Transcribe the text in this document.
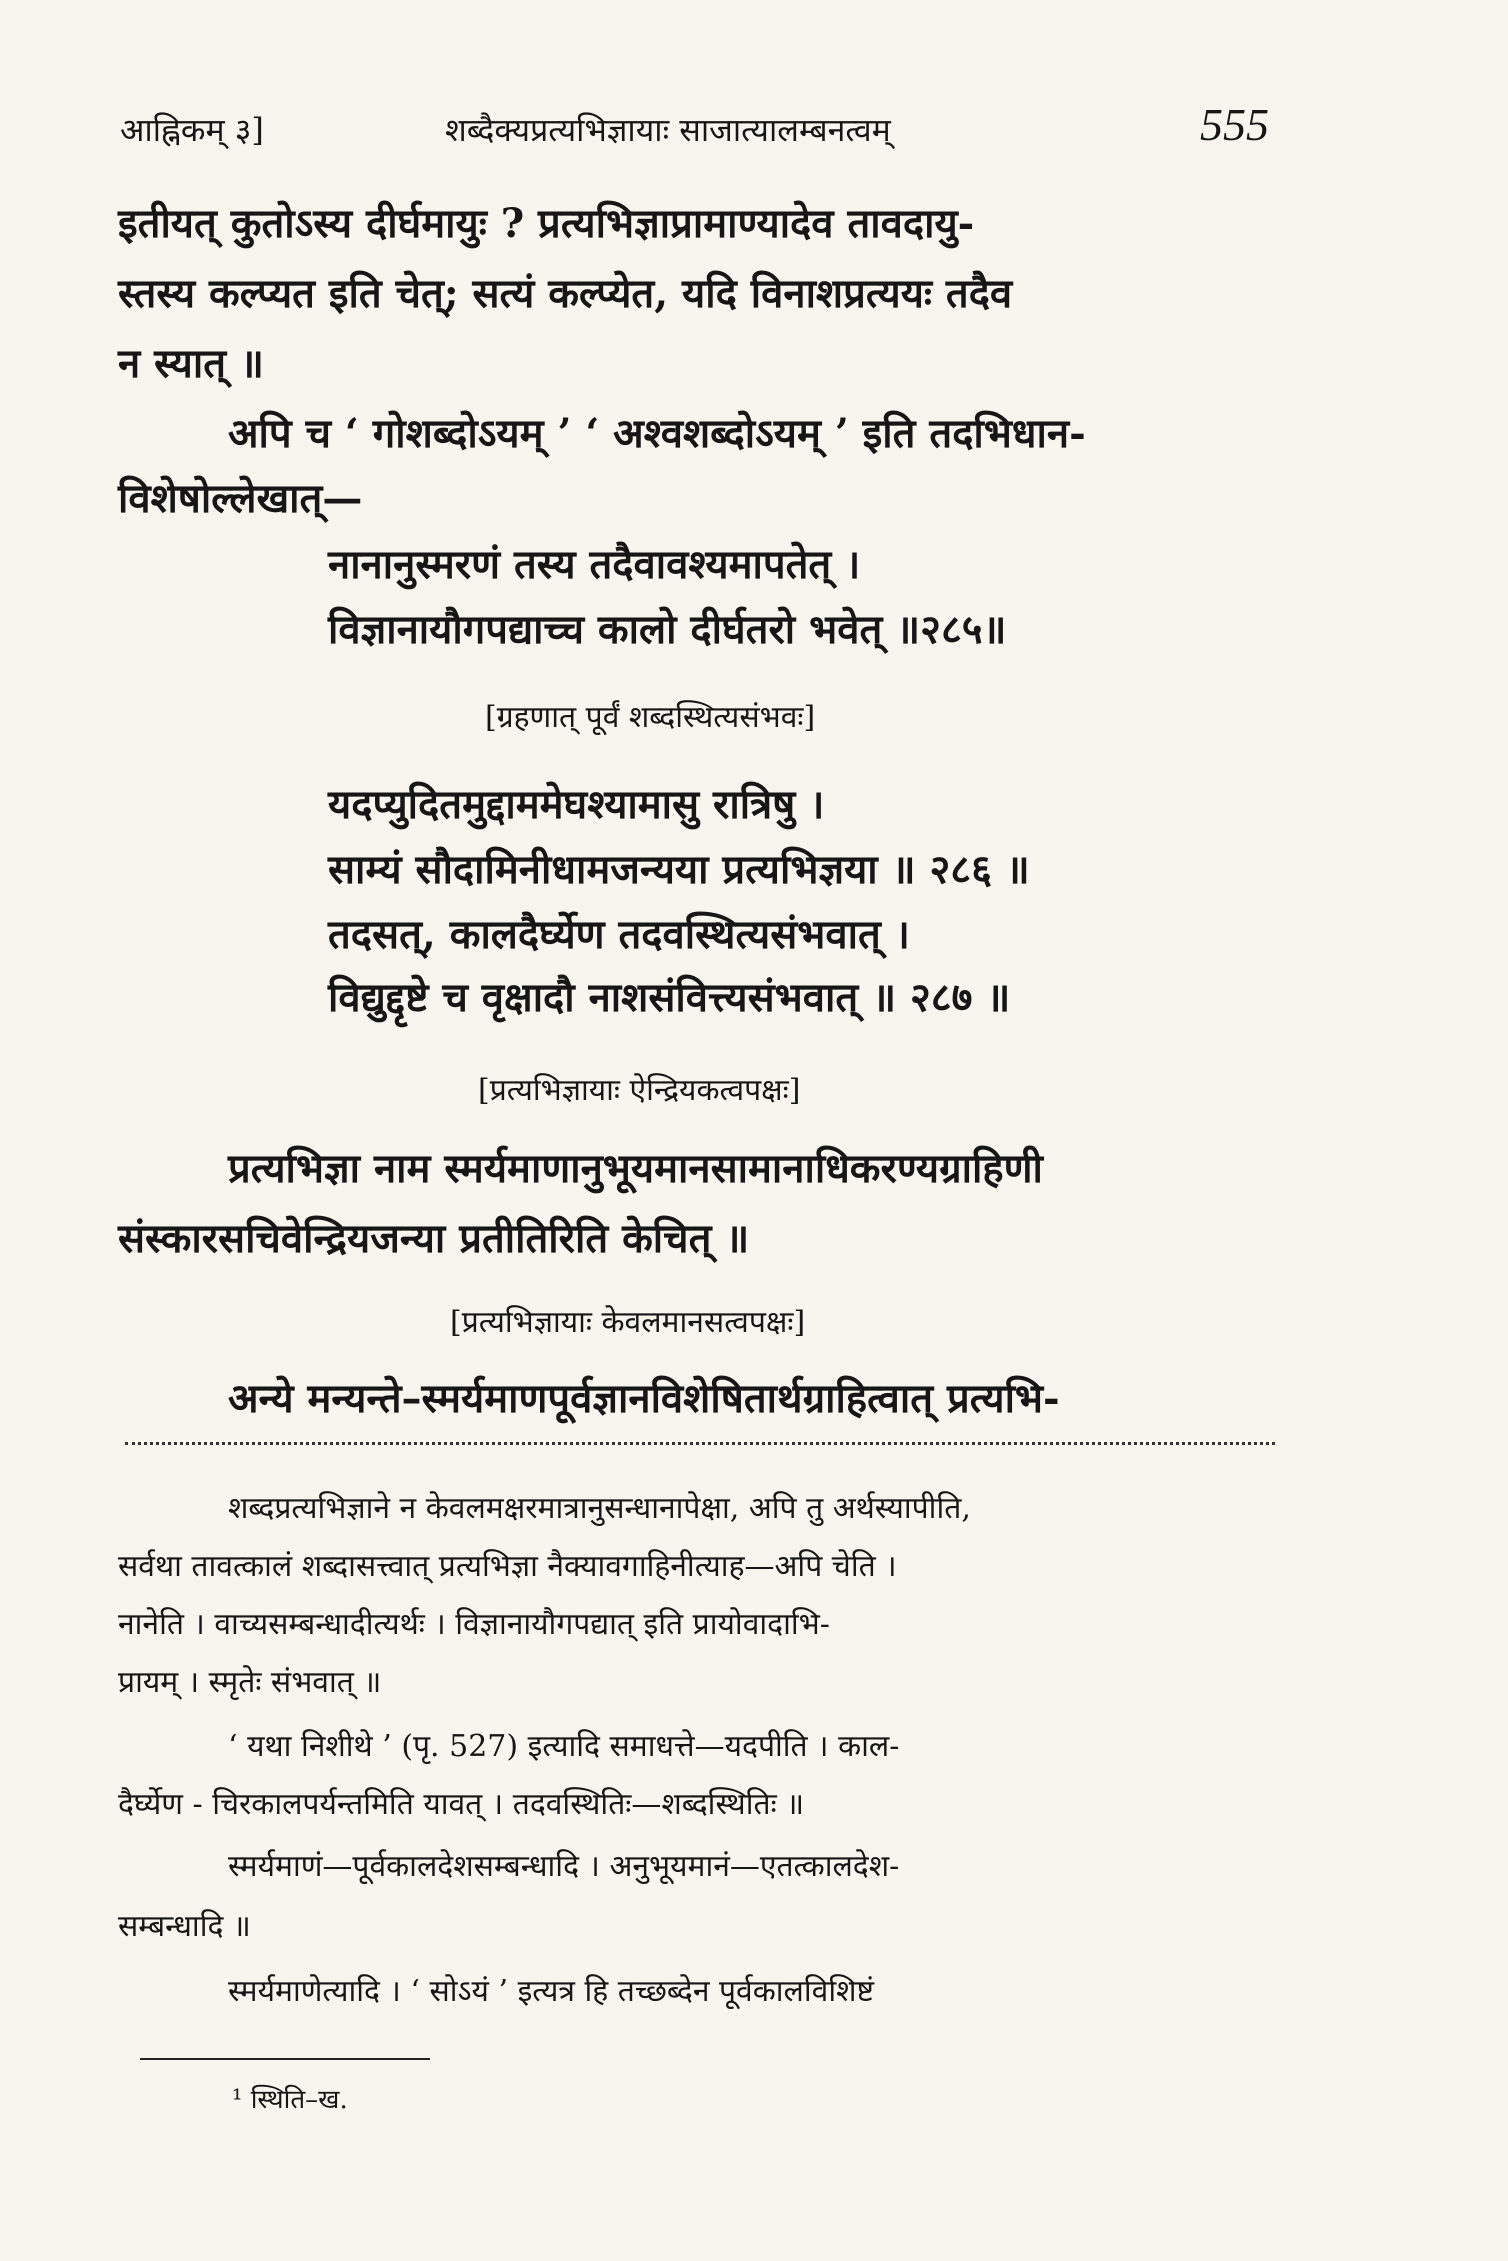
आह्निकम् ३]	शब्दैक्यप्रत्यभिज्ञायाः साजात्यालम्बनत्वम्	555
इतीयत् कुतोऽस्य दीर्घमायुः ? प्रत्यभिज्ञाप्रामाण्यादेव तावदायु-
स्तस्य कल्प्यत इति चेत्; सत्यं कल्प्येत, यदि विनाशप्रत्ययः तदैव
न स्यात् ॥
अपि च ‘ गोशब्दोऽयम् ’ ‘ अश्वशब्दोऽयम् ’ इति तदभिधान-
विशेषोल्लेखात्—
नानानुस्मरणं तस्य तदैवावश्यमापतेत् ।
विज्ञानायौगपद्याच्च कालो दीर्घतरो भवेत् ॥२८५॥
[ग्रहणात् पूर्वं शब्दस्थित्यसंभवः]
यदप्युदितमुद्दाममेघश्यामासु रात्रिषु ।
साम्यं सौदामिनीधामजन्यया प्रत्यभिज्ञया ॥ २८६ ॥
तदसत्, कालदैर्घ्येण तदवस्थित्यसंभवात् ।
विद्युद्दृष्टे च वृक्षादौ नाशसंवित्त्यसंभवात् ॥ २८७ ॥
[प्रत्यभिज्ञायाः ऐन्द्रियकत्वपक्षः]
प्रत्यभिज्ञा नाम स्मर्यमाणानुभूयमानसामानाधिकरण्यग्राहिणी
संस्कारसचिवेन्द्रियजन्या प्रतीतिरिति केचित् ॥
[प्रत्यभिज्ञायाः केवलमानसत्वपक्षः]
अन्ये मन्यन्ते–स्मर्यमाणपूर्वज्ञानविशेषितार्थग्राहित्वात् प्रत्यभि-
शब्दप्रत्यभिज्ञाने न केवलमक्षरमात्रानुसन्धानापेक्षा, अपि तु अर्थस्यापीति,
सर्वथा तावत्कालं शब्दासत्त्वात् प्रत्यभिज्ञा नैक्यावगाहिनीत्याह—अपि चेति ।
नानेति । वाच्यसम्बन्धादीत्यर्थः । विज्ञानायौगपद्यात् इति प्रायोवादाभि-
प्रायम् । स्मृतेः संभवात् ॥
‘ यथा निशीथे ’ (पृ. 527) इत्यादि समाधत्ते—यदपीति । काल-
दैर्घ्येण - चिरकालपर्यन्तमिति यावत् । तदवस्थितिः—शब्दस्थितिः ॥
स्मर्यमाणं—पूर्वकालदेशसम्बन्धादि । अनुभूयमानं—एतत्कालदेश-
सम्बन्धादि ॥
स्मर्यमाणेत्यादि । ‘ सोऽयं ’ इत्यत्र हि तच्छब्देन पूर्वकालविशिष्टं
¹ स्थिति–ख.
